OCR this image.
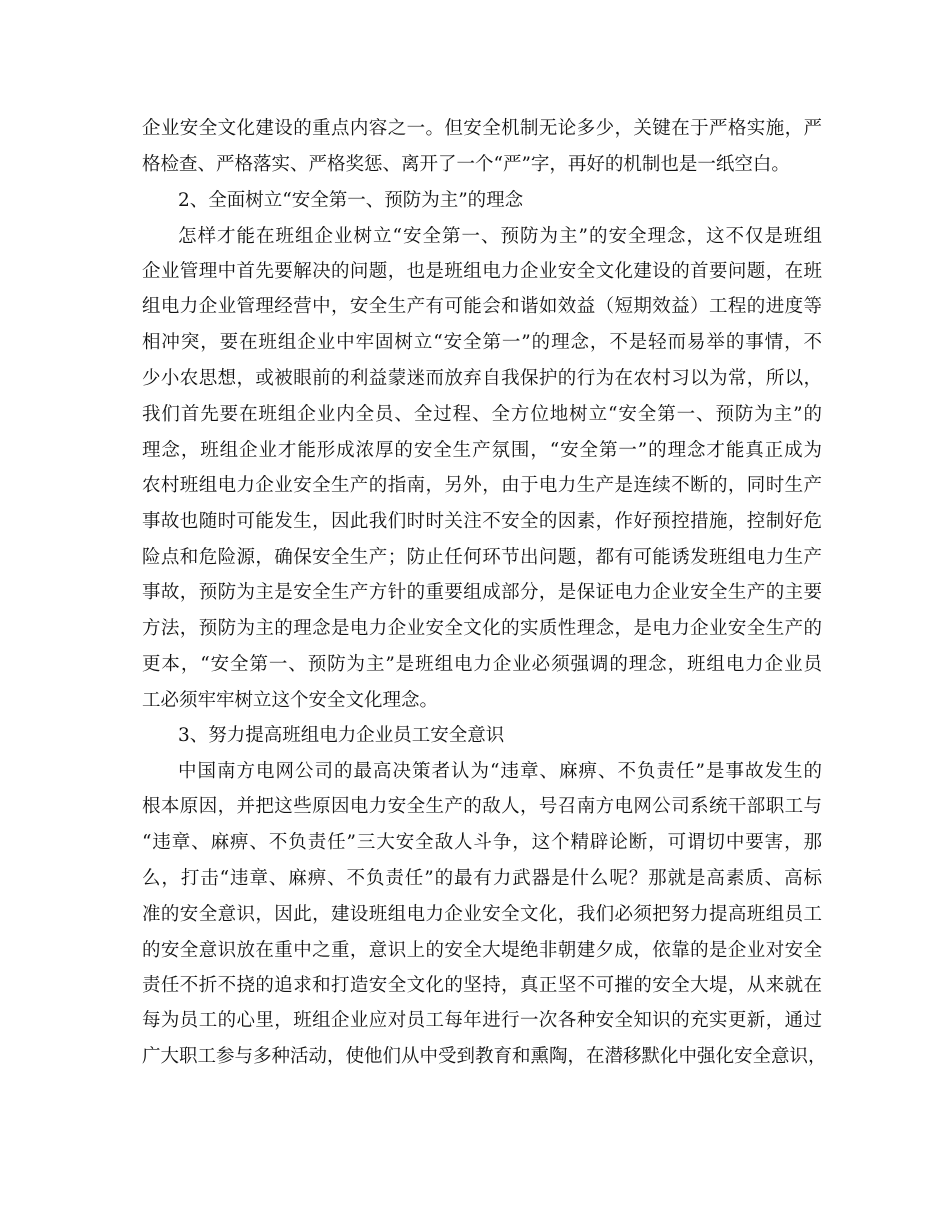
企业安全文化建设的重点内容之一。但安全机制无论多少，关键在于严格实施，严
格检查、严格落实、严格奖惩、离开了一个“严”字，再好的机制也是一纸空白。
2、全面树立“安全第一、预防为主”的理念
怎样才能在班组企业树立“安全第一、预防为主”的安全理念，这不仅是班组
企业管理中首先要解决的问题，也是班组电力企业安全文化建设的首要问题，在班
组电力企业管理经营中，安全生产有可能会和谐如效益（短期效益）工程的进度等
相冲突，要在班组企业中牢固树立“安全第一”的理念，不是轻而易举的事情，不
少小农思想，或被眼前的利益蒙迷而放弃自我保护的行为在农村习以为常，所以，
我们首先要在班组企业内全员、全过程、全方位地树立“安全第一、预防为主”的
理念，班组企业才能形成浓厚的安全生产氛围，“安全第一”的理念才能真正成为
农村班组电力企业安全生产的指南，另外，由于电力生产是连续不断的，同时生产
事故也随时可能发生，因此我们时时关注不安全的因素，作好预控措施，控制好危
险点和危险源，确保安全生产；防止任何环节出问题，都有可能诱发班组电力生产
事故，预防为主是安全生产方针的重要组成部分，是保证电力企业安全生产的主要
方法，预防为主的理念是电力企业安全文化的实质性理念，是电力企业安全生产的
更本，“安全第一、预防为主”是班组电力企业必须强调的理念，班组电力企业员
工必须牢牢树立这个安全文化理念。
3、努力提高班组电力企业员工安全意识
中国南方电网公司的最高决策者认为“违章、麻痹、不负责任”是事故发生的
根本原因，并把这些原因电力安全生产的敌人，号召南方电网公司系统干部职工与
“违章、麻痹、不负责任”三大安全敌人斗争，这个精辟论断，可谓切中要害，那
么，打击“违章、麻痹、不负责任”的最有力武器是什么呢？那就是高素质、高标
准的安全意识，因此，建设班组电力企业安全文化，我们必须把努力提高班组员工
的安全意识放在重中之重，意识上的安全大堤绝非朝建夕成，依靠的是企业对安全
责任不折不挠的追求和打造安全文化的坚持，真正坚不可摧的安全大堤，从来就在
每为员工的心里，班组企业应对员工每年进行一次各种安全知识的充实更新，通过
广大职工参与多种活动，使他们从中受到教育和熏陶，在潜移默化中强化安全意识，
